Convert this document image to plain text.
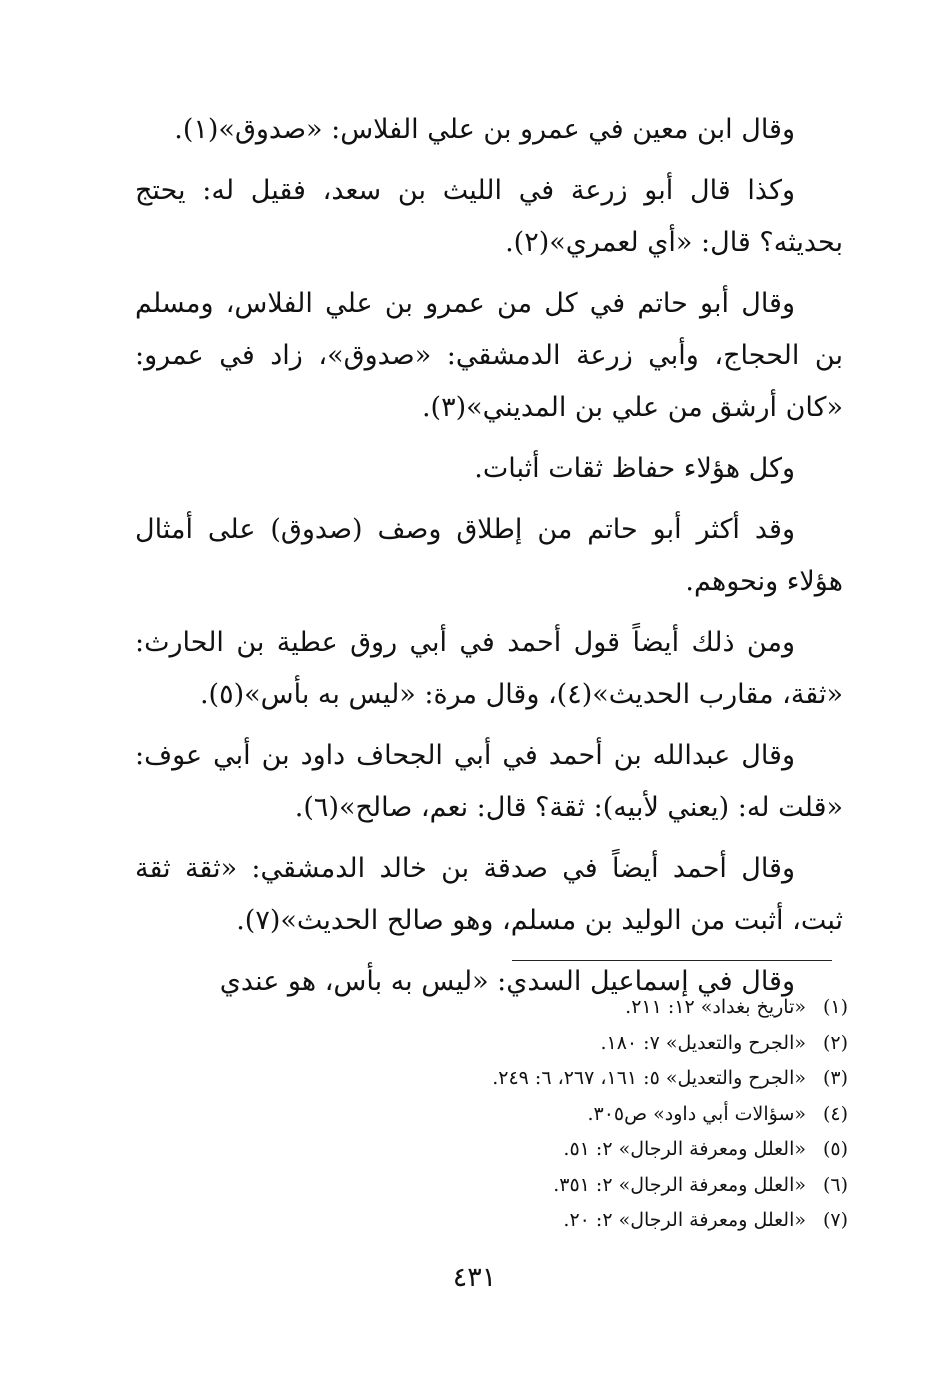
وقال ابن معين في عمرو بن علي الفلاس: «صدوق»(١).

وكذا قال أبو زرعة في الليث بن سعد، فقيل له: يحتج بحديثه؟ قال: «أي لعمري»(٢).

وقال أبو حاتم في كل من عمرو بن علي الفلاس، ومسلم بن الحجاج، وأبي زرعة الدمشقي: «صدوق»، زاد في عمرو: «كان أرشق من علي بن المديني»(٣).

وكل هؤلاء حفاظ ثقات أثبات.

وقد أكثر أبو حاتم من إطلاق وصف (صدوق) على أمثال هؤلاء ونحوهم.

ومن ذلك أيضاً قول أحمد في أبي روق عطية بن الحارث: «ثقة، مقارب الحديث»(٤)، وقال مرة: «ليس به بأس»(٥).

وقال عبدالله بن أحمد في أبي الجحاف داود بن أبي عوف: «قلت له: (يعني لأبيه): ثقة؟ قال: نعم، صالح»(٦).

وقال أحمد أيضاً في صدقة بن خالد الدمشقي: «ثقة ثقة ثبت، أثبت من الوليد بن مسلم، وهو صالح الحديث»(٧).

وقال في إسماعيل السدي: «ليس به بأس، هو عندي

(١)«تاريخ بغداد» ١٢: ٢١١.
(٢)«الجرح والتعديل» ٧: ١٨٠.
(٣)«الجرح والتعديل» ٥: ١٦١، ٢٦٧، ٦: ٢٤٩.
(٤)«سؤالات أبي داود» ص٣٠٥.
(٥)«العلل ومعرفة الرجال» ٢: ٥١.
(٦)«العلل ومعرفة الرجال» ٢: ٣٥١.
(٧)«العلل ومعرفة الرجال» ٢: ٢٠.
٤٣١
